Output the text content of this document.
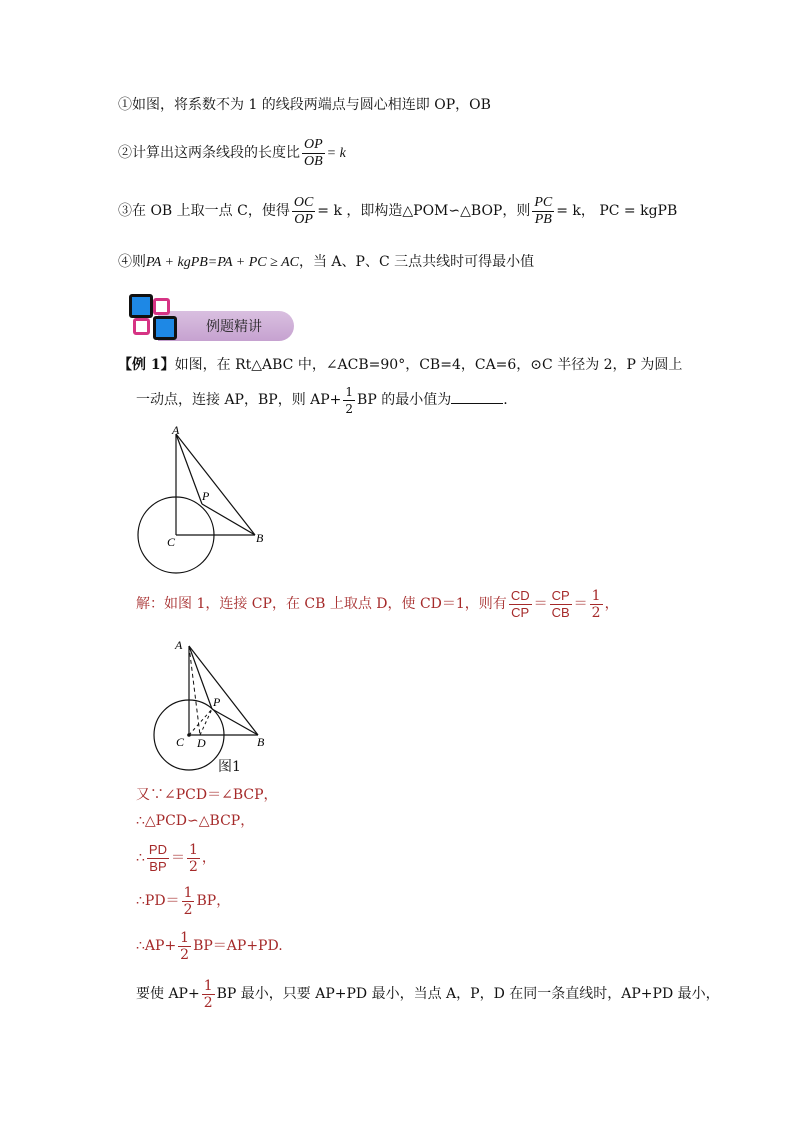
①如图，将系数不为 1 的线段两端点与圆心相连即 OP，OB
②计算出这两条线段的长度比 $\frac{OP}{OB} = k$
③在 OB 上取一点 C，使得 $\frac{OC}{OP} = k$ ，即构造△POM∽△BOP，则 $\frac{PC}{PB} = k$， PC = kgPB
④则PA + kgPB=PA + PC ≥ AC，当 A、P、C 三点共线时可得最小值
例题精讲
【例 1】如图，在 Rt△ABC 中，∠ACB=90°，CB=4，CA=6，⊙C 半径为 2，P 为圆上
一动点，连接 AP，BP，则 $AP+ \frac{1}{2}$ BP 的最小值为	.
A
P
C	B
解：如图 1，连接 CP，在 CB 上取点 D，使 CD＝1，则有 $\frac{CD}{CP} = \frac{CP}{CB} = \frac{1}{2}$ ，
A
P
C D	B
图1
又∵∠PCD＝∠BCP，
∴△PCD∽△BCP，
∴ $\frac{PD}{BP} = \frac{1}{2}$ ，
∴PD＝ $\frac{1}{2}$ BP，
∴AP+ $\frac{1}{2} BP=AP+PD$.
要使 $AP+ \frac{1}{2}$ BP 最小，只要 AP+PD 最小，当点 A，P，D 在同一条直线时，AP+PD 最小，
